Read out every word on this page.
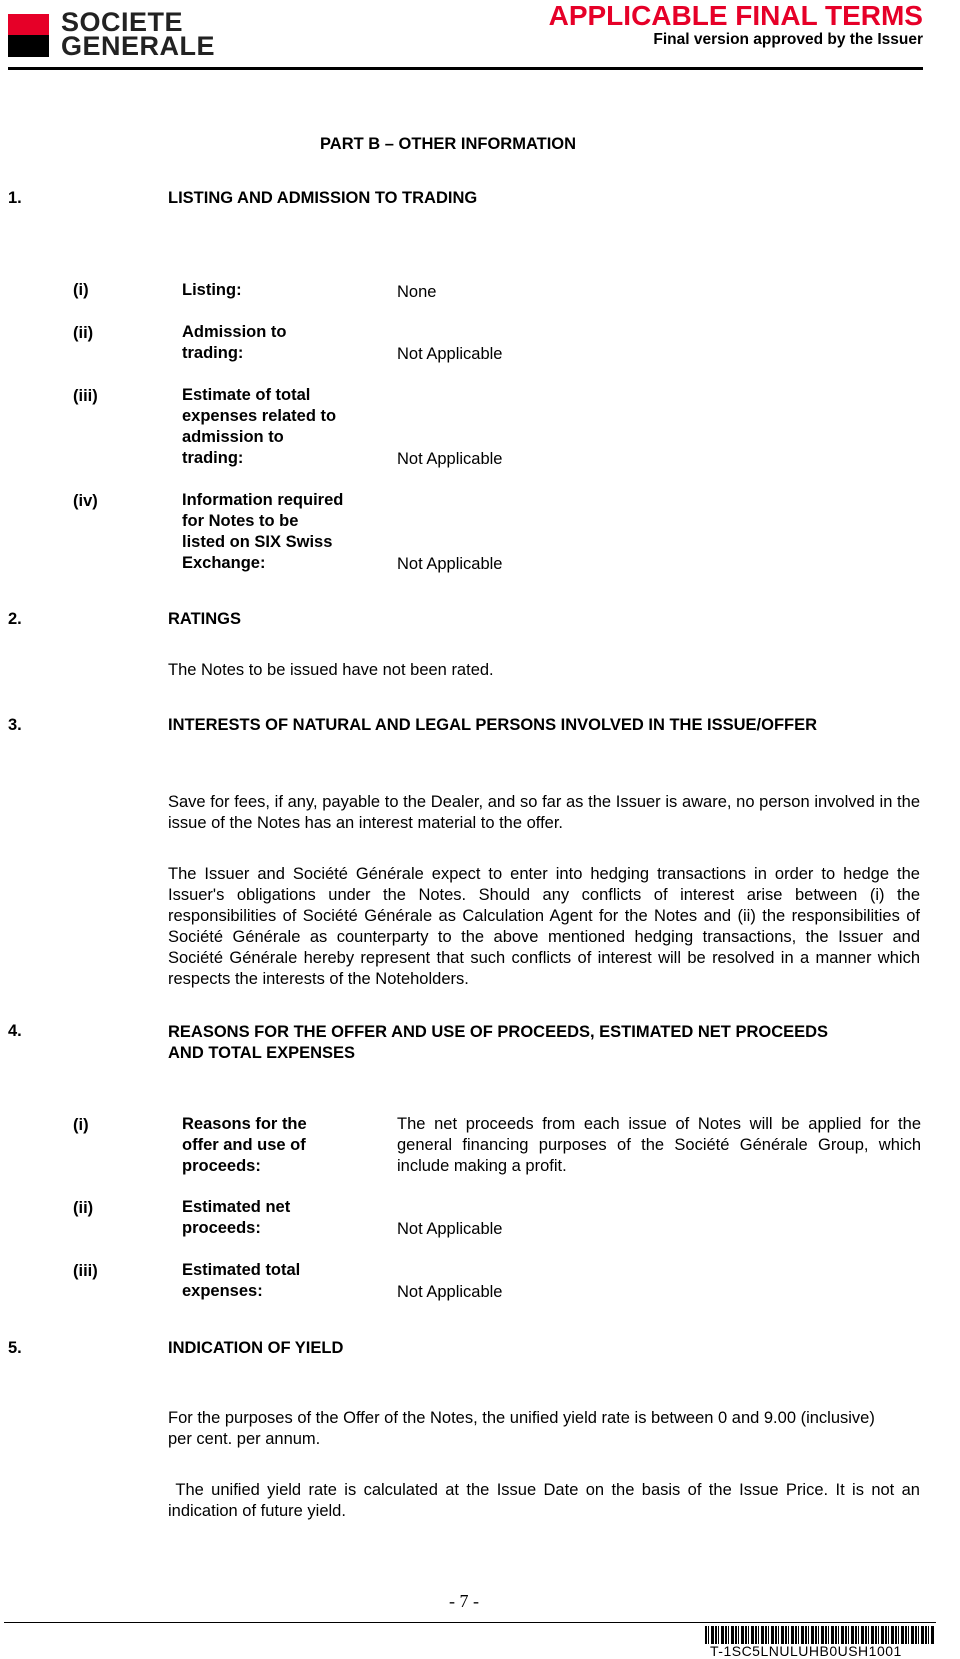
SOCIETE
GENERALE
APPLICABLE FINAL TERMS
Final version approved by the Issuer
PART B – OTHER INFORMATION
1.	LISTING AND ADMISSION TO TRADING
(i)	Listing:	None
(ii)	Admission to
trading:	Not Applicable
(iii)	Estimate of total
expenses related to
admission to
trading:	Not Applicable
(iv)	Information required
for Notes to be
listed on SIX Swiss
Exchange:	Not Applicable
2.	RATINGS
The Notes to be issued have not been rated.
3.	INTERESTS OF NATURAL AND LEGAL PERSONS INVOLVED IN THE ISSUE/OFFER
Save for fees, if any, payable to the Dealer, and so far as the Issuer is aware, no person involved in the issue of the Notes has an interest material to the offer.
The Issuer and Société Générale expect to enter into hedging transactions in order to hedge the Issuer's obligations under the Notes. Should any conflicts of interest arise between (i) the responsibilities of Société Générale as Calculation Agent for the Notes and (ii) the responsibilities of Société Générale as counterparty to the above mentioned hedging transactions, the Issuer and Société Générale hereby represent that such conflicts of interest will be resolved in a manner which respects the interests of the Noteholders.
4.	REASONS FOR THE OFFER AND USE OF PROCEEDS, ESTIMATED NET PROCEEDS
AND TOTAL EXPENSES
(i)	Reasons for the
offer and use of
proceeds:
The net proceeds from each issue of Notes will be applied for the general financing purposes of the Société Générale Group, which include making a profit.
(ii)	Estimated net
proceeds:	Not Applicable
(iii)	Estimated total
expenses:	Not Applicable
5.	INDICATION OF YIELD
For the purposes of the Offer of the Notes, the unified yield rate is between 0 and 9.00 (inclusive) per cent. per annum.
The unified yield rate is calculated at the Issue Date on the basis of the Issue Price. It is not an indication of future yield.
- 7 -
T-1SC5LNULUHB0USH1001
